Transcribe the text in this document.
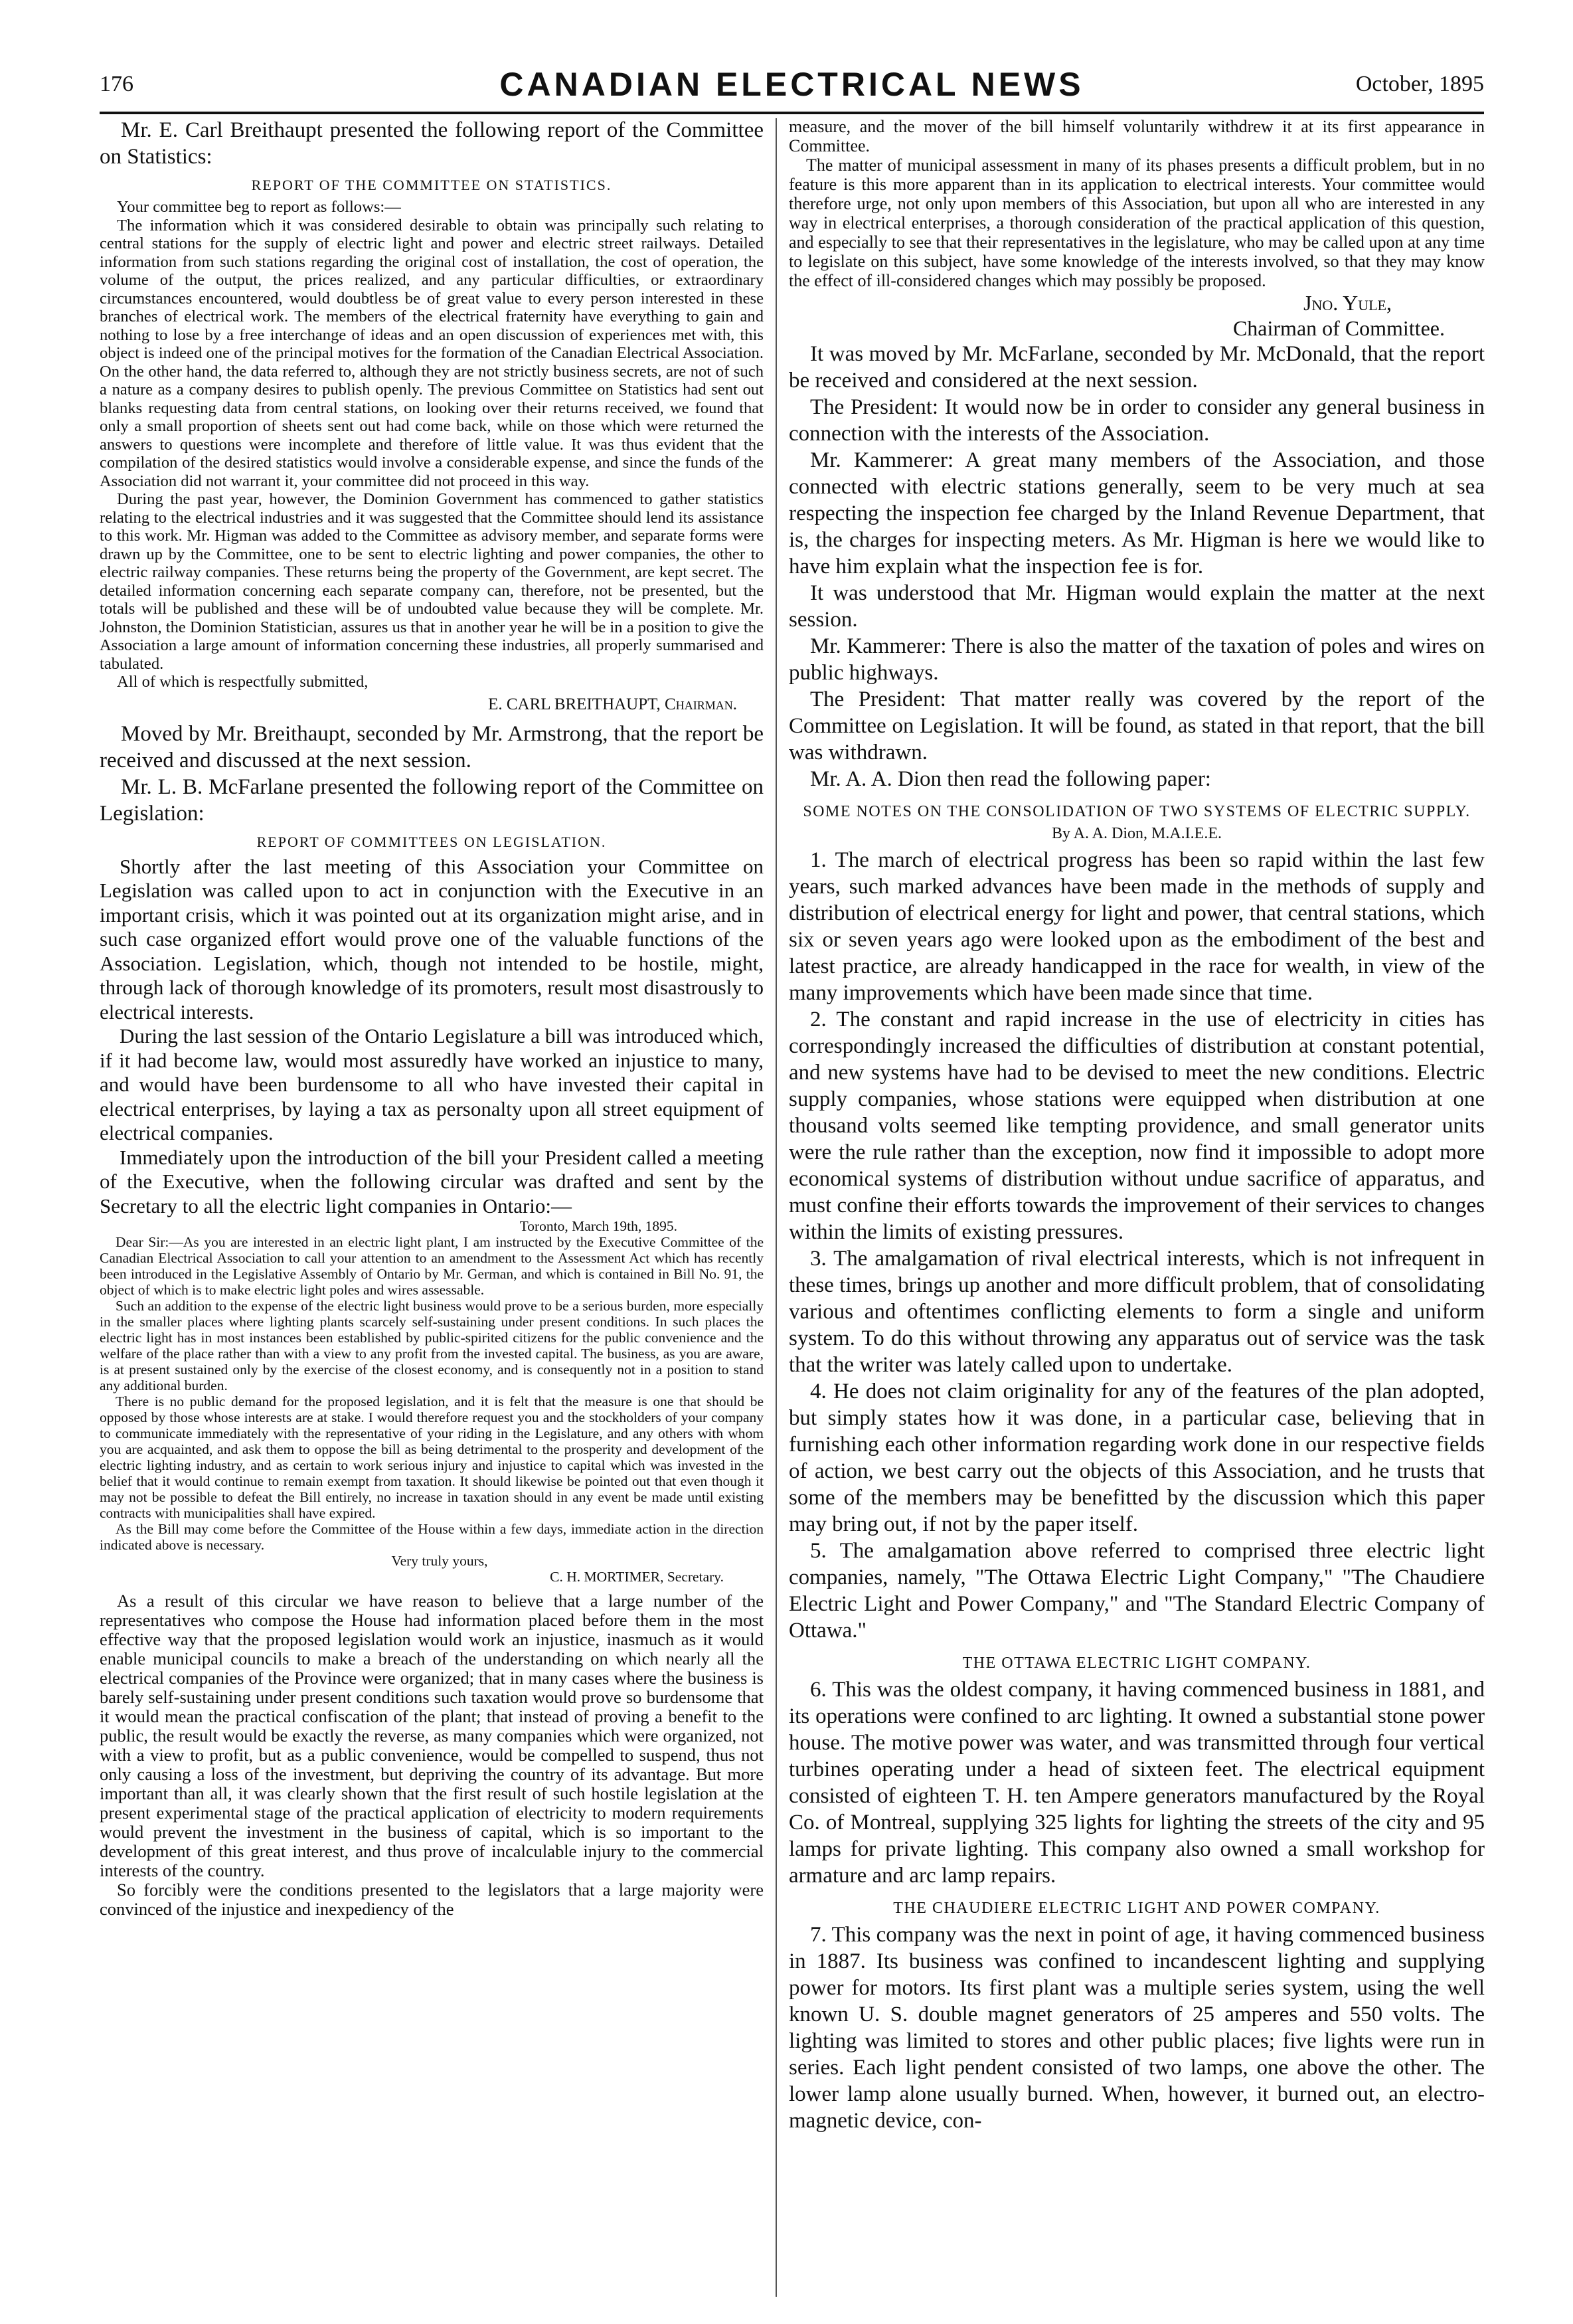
176	CANADIAN ELECTRICAL NEWS	October, 1895

Mr. E. Carl Breithaupt presented the following report of the Committee on Statistics:

REPORT OF THE COMMITTEE ON STATISTICS.

Your committee beg to report as follows:—

The information which it was considered desirable to obtain was principally such relating to central stations for the supply of electric light and power and electric street railways. Detailed information from such stations regarding the original cost of installation, the cost of operation, the volume of the output, the prices realized, and any particular difficulties, or extraordinary circumstances encountered, would doubtless be of great value to every person interested in these branches of electrical work. The members of the electrical fraternity have everything to gain and nothing to lose by a free interchange of ideas and an open discussion of experiences met with, this object is indeed one of the principal motives for the formation of the Canadian Electrical Association. On the other hand, the data referred to, although they are not strictly business secrets, are not of such a nature as a company desires to publish openly. The previous Committee on Statistics had sent out blanks requesting data from central stations, on looking over their returns received, we found that only a small proportion of sheets sent out had come back, while on those which were returned the answers to questions were incomplete and therefore of little value. It was thus evident that the compilation of the desired statistics would involve a considerable expense, and since the funds of the Association did not warrant it, your committee did not proceed in this way.

During the past year, however, the Dominion Government has commenced to gather statistics relating to the electrical industries and it was suggested that the Committee should lend its assistance to this work. Mr. Higman was added to the Committee as advisory member, and separate forms were drawn up by the Committee, one to be sent to electric lighting and power companies, the other to electric railway companies. These returns being the property of the Government, are kept secret. The detailed information concerning each separate company can, therefore, not be presented, but the totals will be published and these will be of undoubted value because they will be complete. Mr. Johnston, the Dominion Statistician, assures us that in another year he will be in a position to give the Association a large amount of information concerning these industries, all properly summarised and tabulated.

All of which is respectfully submitted,

E. CARL BREITHAUPT, Chairman.

Moved by Mr. Breithaupt, seconded by Mr. Armstrong, that the report be received and discussed at the next session.

Mr. L. B. McFarlane presented the following report of the Committee on Legislation:

REPORT OF COMMITTEES ON LEGISLATION.

Shortly after the last meeting of this Association your Committee on Legislation was called upon to act in conjunction with the Executive in an important crisis, which it was pointed out at its organization might arise, and in such case organized effort would prove one of the valuable functions of the Association. Legislation, which, though not intended to be hostile, might, through lack of thorough knowledge of its promoters, result most disastrously to electrical interests.

During the last session of the Ontario Legislature a bill was introduced which, if it had become law, would most assuredly have worked an injustice to many, and would have been burdensome to all who have invested their capital in electrical enterprises, by laying a tax as personalty upon all street equipment of electrical companies.

Immediately upon the introduction of the bill your President called a meeting of the Executive, when the following circular was drafted and sent by the Secretary to all the electric light companies in Ontario:—

Toronto, March 19th, 1895.

Dear Sir:—As you are interested in an electric light plant, I am instructed by the Executive Committee of the Canadian Electrical Association to call your attention to an amendment to the Assessment Act which has recently been introduced in the Legislative Assembly of Ontario by Mr. German, and which is contained in Bill No. 91, the object of which is to make electric light poles and wires assessable.

Such an addition to the expense of the electric light business would prove to be a serious burden, more especially in the smaller places where lighting plants scarcely self-sustaining under present conditions. In such places the electric light has in most instances been established by public-spirited citizens for the public convenience and the welfare of the place rather than with a view to any profit from the invested capital. The business, as you are aware, is at present sustained only by the exercise of the closest economy, and is consequently not in a position to stand any additional burden.

There is no public demand for the proposed legislation, and it is felt that the measure is one that should be opposed by those whose interests are at stake. I would therefore request you and the stockholders of your company to communicate immediately with the representative of your riding in the Legislature, and any others with whom you are acquainted, and ask them to oppose the bill as being detrimental to the prosperity and development of the electric lighting industry, and as certain to work serious injury and injustice to capital which was invested in the belief that it would continue to remain exempt from taxation. It should likewise be pointed out that even though it may not be possible to defeat the Bill entirely, no increase in taxation should in any event be made until existing contracts with municipalities shall have expired.

As the Bill may come before the Committee of the House within a few days, immediate action in the direction indicated above is necessary.

Very truly yours,

C. H. MORTIMER, Secretary.

As a result of this circular we have reason to believe that a large number of the representatives who compose the House had information placed before them in the most effective way that the proposed legislation would work an injustice, inasmuch as it would enable municipal councils to make a breach of the understanding on which nearly all the electrical companies of the Province were organized; that in many cases where the business is barely self-sustaining under present conditions such taxation would prove so burdensome that it would mean the practical confiscation of the plant; that instead of proving a benefit to the public, the result would be exactly the reverse, as many companies which were organized, not with a view to profit, but as a public convenience, would be compelled to suspend, thus not only causing a loss of the investment, but depriving the country of its advantage. But more important than all, it was clearly shown that the first result of such hostile legislation at the present experimental stage of the practical application of electricity to modern requirements would prevent the investment in the business of capital, which is so important to the development of this great interest, and thus prove of incalculable injury to the commercial interests of the country.

So forcibly were the conditions presented to the legislators that a large majority were convinced of the injustice and inexpediency of the

measure, and the mover of the bill himself voluntarily withdrew it at its first appearance in Committee.

The matter of municipal assessment in many of its phases presents a difficult problem, but in no feature is this more apparent than in its application to electrical interests. Your committee would therefore urge, not only upon members of this Association, but upon all who are interested in any way in electrical enterprises, a thorough consideration of the practical application of this question, and especially to see that their representatives in the legislature, who may be called upon at any time to legislate on this subject, have some knowledge of the interests involved, so that they may know the effect of ill-considered changes which may possibly be proposed.

Jno. Yule,
Chairman of Committee.

It was moved by Mr. McFarlane, seconded by Mr. McDonald, that the report be received and considered at the next session.

The President: It would now be in order to consider any general business in connection with the interests of the Association.

Mr. Kammerer: A great many members of the Association, and those connected with electric stations generally, seem to be very much at sea respecting the inspection fee charged by the Inland Revenue Department, that is, the charges for inspecting meters. As Mr. Higman is here we would like to have him explain what the inspection fee is for.

It was understood that Mr. Higman would explain the matter at the next session.

Mr. Kammerer: There is also the matter of the taxation of poles and wires on public highways.

The President: That matter really was covered by the report of the Committee on Legislation. It will be found, as stated in that report, that the bill was withdrawn.

Mr. A. A. Dion then read the following paper:

SOME NOTES ON THE CONSOLIDATION OF TWO SYSTEMS OF ELECTRIC SUPPLY.
By A. A. Dion, M.A.I.E.E.

1. The march of electrical progress has been so rapid within the last few years, such marked advances have been made in the methods of supply and distribution of electrical energy for light and power, that central stations, which six or seven years ago were looked upon as the embodiment of the best and latest practice, are already handicapped in the race for wealth, in view of the many improvements which have been made since that time.

2. The constant and rapid increase in the use of electricity in cities has correspondingly increased the difficulties of distribution at constant potential, and new systems have had to be devised to meet the new conditions. Electric supply companies, whose stations were equipped when distribution at one thousand volts seemed like tempting providence, and small generator units were the rule rather than the exception, now find it impossible to adopt more economical systems of distribution without undue sacrifice of apparatus, and must confine their efforts towards the improvement of their services to changes within the limits of existing pressures.

3. The amalgamation of rival electrical interests, which is not infrequent in these times, brings up another and more difficult problem, that of consolidating various and oftentimes conflicting elements to form a single and uniform system. To do this without throwing any apparatus out of service was the task that the writer was lately called upon to undertake.

4. He does not claim originality for any of the features of the plan adopted, but simply states how it was done, in a particular case, believing that in furnishing each other information regarding work done in our respective fields of action, we best carry out the objects of this Association, and he trusts that some of the members may be benefitted by the discussion which this paper may bring out, if not by the paper itself.

5. The amalgamation above referred to comprised three electric light companies, namely, "The Ottawa Electric Light Company," "The Chaudiere Electric Light and Power Company," and "The Standard Electric Company of Ottawa."

THE OTTAWA ELECTRIC LIGHT COMPANY.

6. This was the oldest company, it having commenced business in 1881, and its operations were confined to arc lighting. It owned a substantial stone power house. The motive power was water, and was transmitted through four vertical turbines operating under a head of sixteen feet. The electrical equipment consisted of eighteen T. H. ten Ampere generators manufactured by the Royal Co. of Montreal, supplying 325 lights for lighting the streets of the city and 95 lamps for private lighting. This company also owned a small workshop for armature and arc lamp repairs.

THE CHAUDIERE ELECTRIC LIGHT AND POWER COMPANY.

7. This company was the next in point of age, it having commenced business in 1887. Its business was confined to incandescent lighting and supplying power for motors. Its first plant was a multiple series system, using the well known U. S. double magnet generators of 25 amperes and 550 volts. The lighting was limited to stores and other public places; five lights were run in series. Each light pendent consisted of two lamps, one above the other. The lower lamp alone usually burned. When, however, it burned out, an electro-magnetic device, con-
